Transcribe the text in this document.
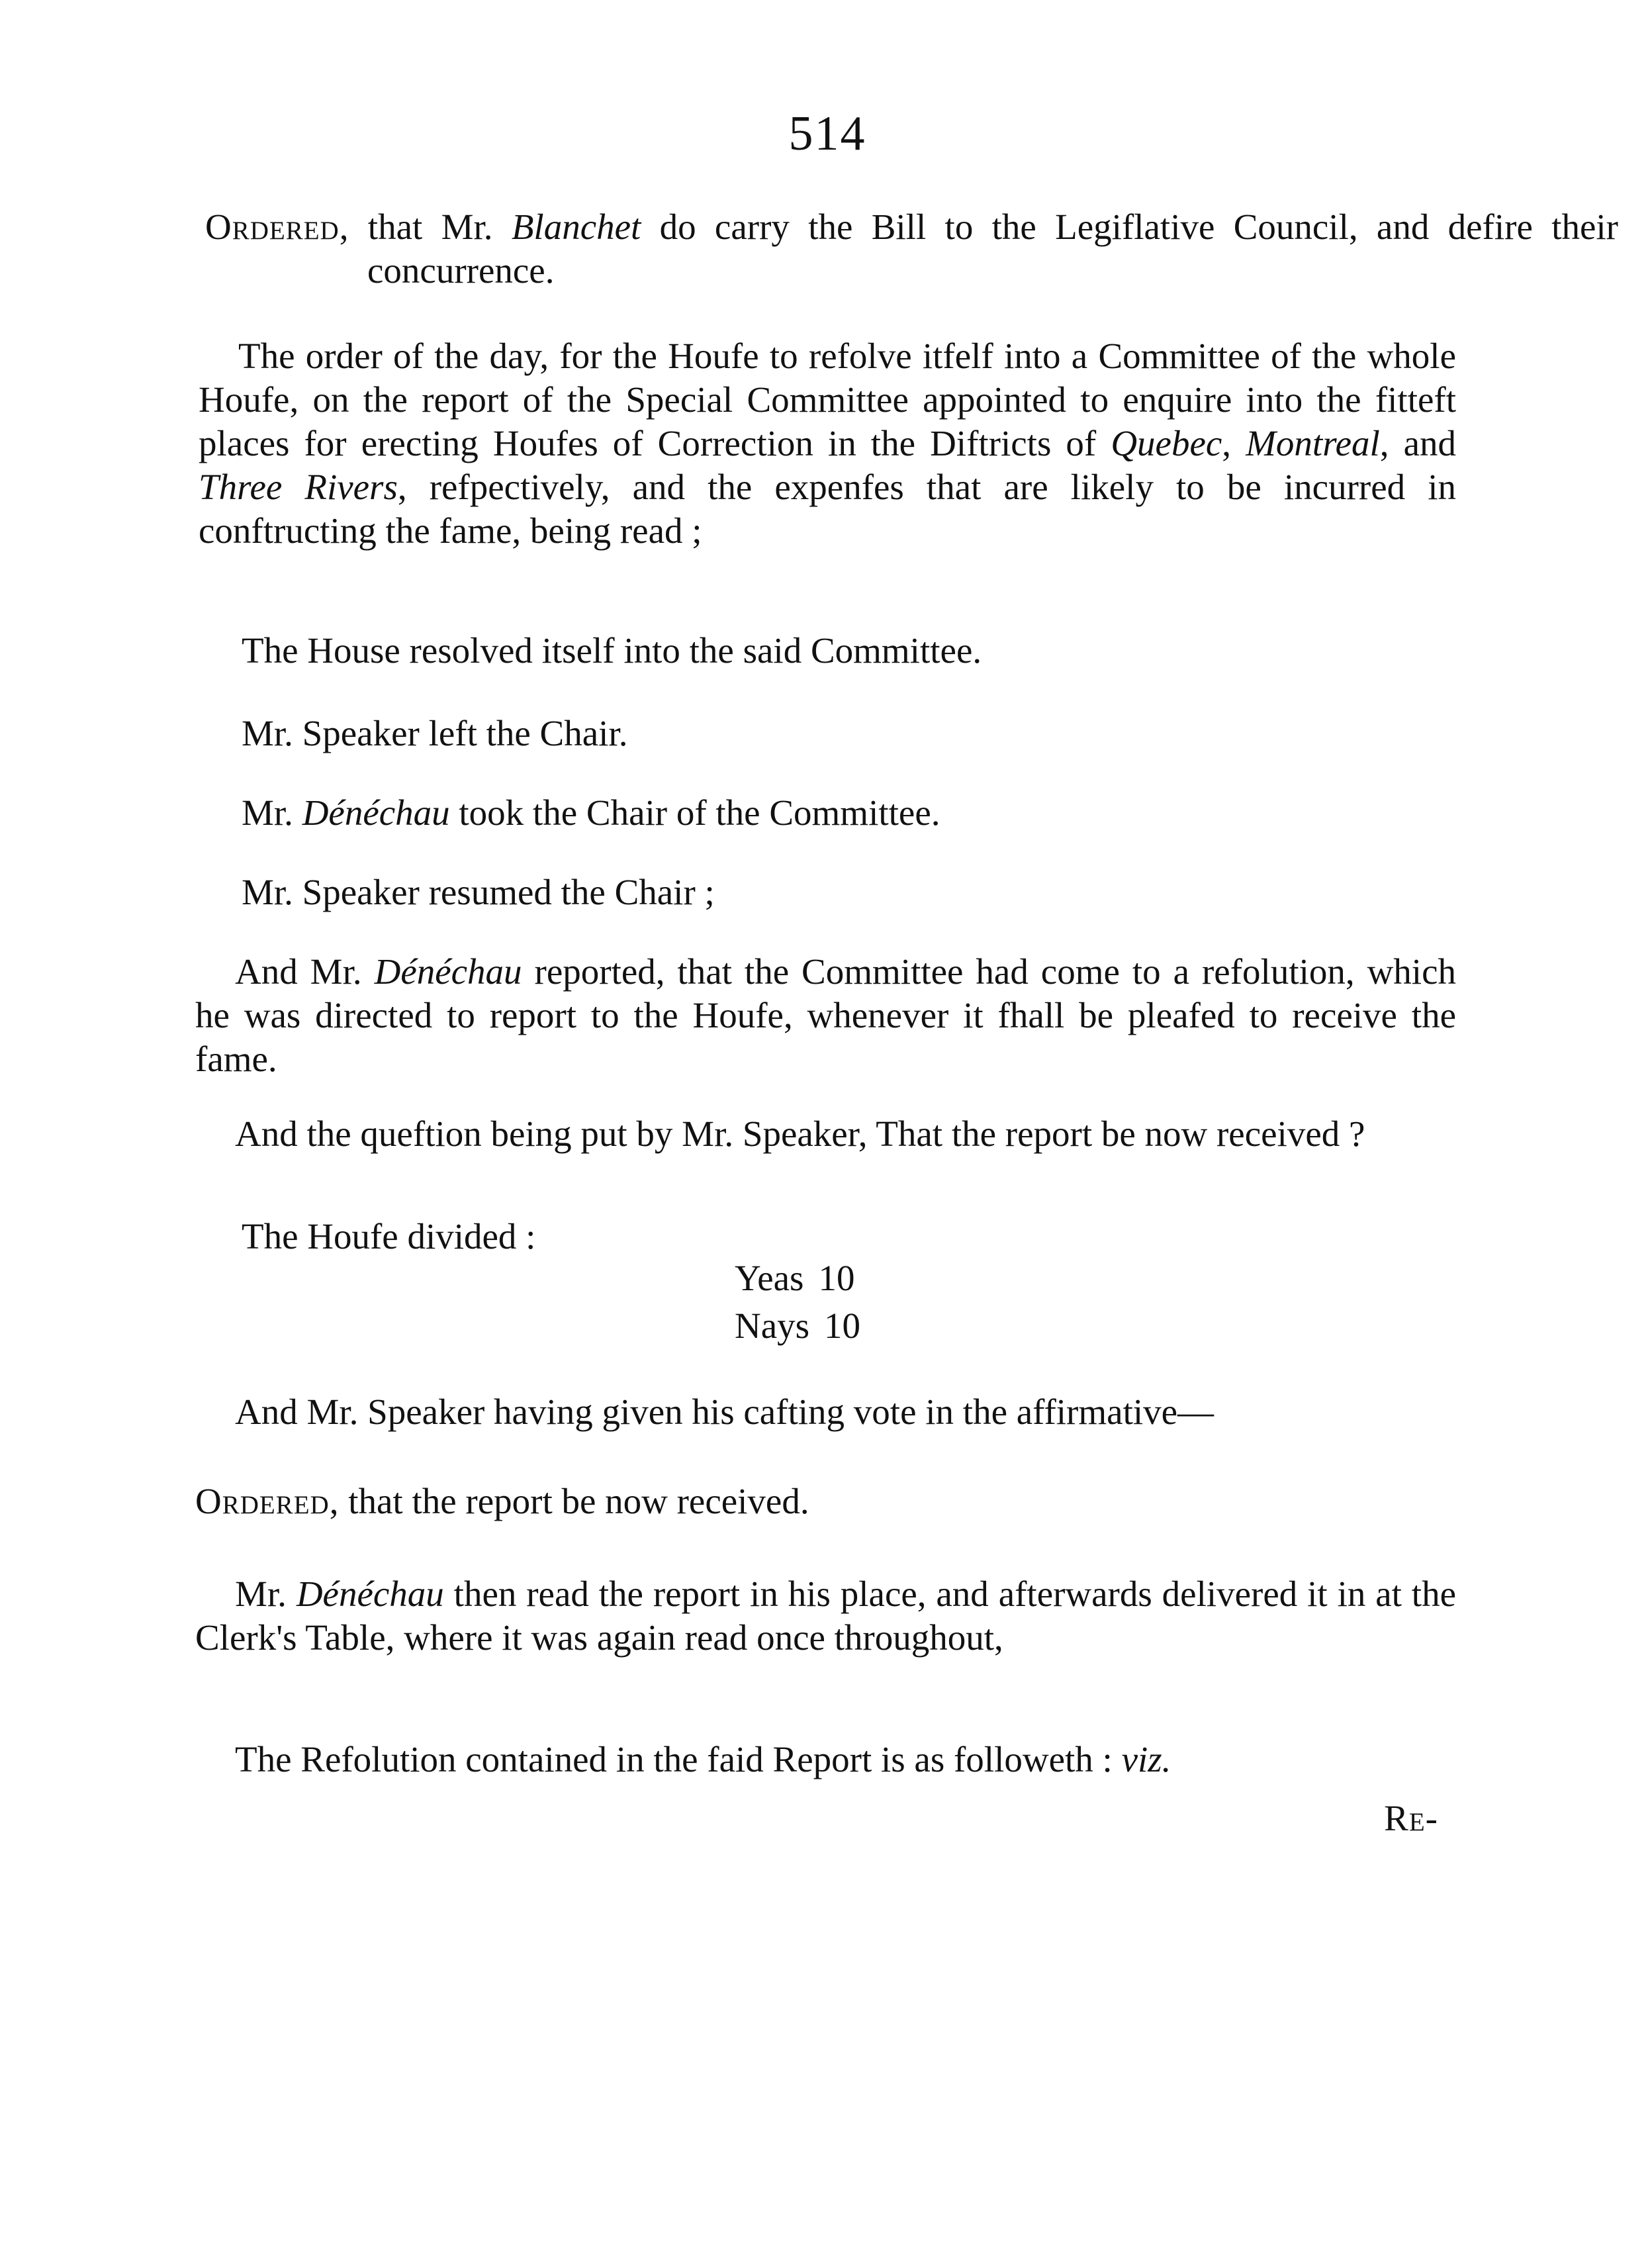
514

Ordered, that Mr. Blanchet do carry the Bill to the Legiflative Council, and defire their concurrence.

The order of the day, for the Houfe to refolve itfelf into a Committee of the whole Houfe, on the report of the Special Committee appointed to enquire into the fitteft places for erecting Houfes of Correction in the Diftricts of Quebec, Montreal, and Three Rivers, refpectively, and the expenfes that are likely to be incurred in conftructing the fame, being read ;

The House resolved itself into the said Committee.

Mr. Speaker left the Chair.

Mr. Dénéchau took the Chair of the Committee.

Mr. Speaker resumed the Chair ;

And Mr. Dénéchau reported, that the Committee had come to a refolution, which he was directed to report to the Houfe, whenever it fhall be pleafed to receive the fame.

And the queftion being put by Mr. Speaker, That the report be now received ?

The Houfe divided :

Yeas 10
Nays 10

And Mr. Speaker having given his cafting vote in the affirmative—

Ordered, that the report be now received.

Mr. Dénéchau then read the report in his place, and afterwards delivered it in at the Clerk's Table, where it was again read once throughout,

The Refolution contained in the faid Report is as followeth : viz.

Re-
